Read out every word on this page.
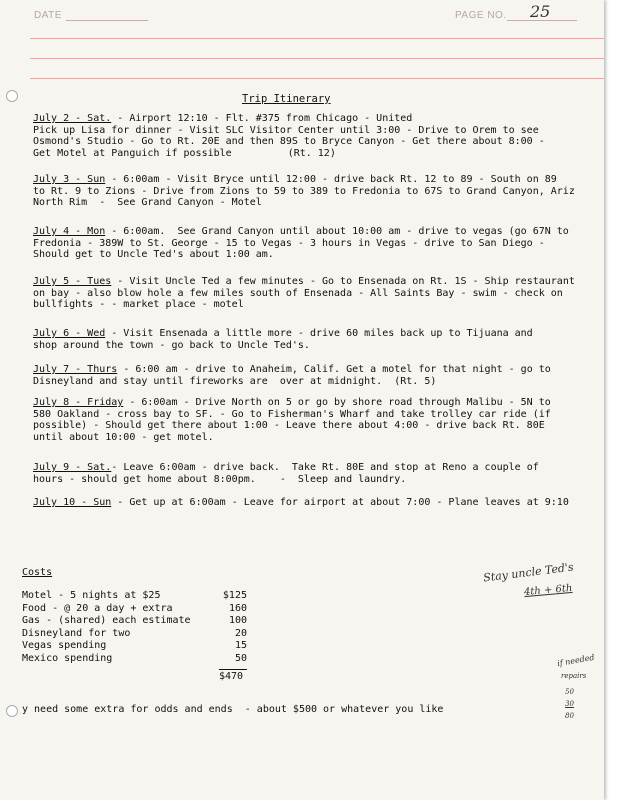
DATE	PAGE NO. 25
Trip Itinerary

July 2 - Sat. - Airport 12:10 - Flt. #375 from Chicago - United

Pick up Lisa for dinner - Visit SLC Visitor Center until 3:00 - Drive to Orem to see

Osmond's Studio - Go to Rt. 20E and then 89S to Bryce Canyon - Get there about 8:00 -

Get Motel at Panguich if possible	(Rt. 12)

July 3 - Sun - 6:00am - Visit Bryce until 12:00 - drive back Rt. 12 to 89 - South on 89

to Rt. 9 to Zions - Drive from Zions to 59 to 389 to Fredonia to 67S to Grand Canyon, Ariz

North Rim  -  See Grand Canyon - Motel

July 4 - Mon - 6:00am.  See Grand Canyon until about 10:00 am - drive to vegas (go 67N to

Fredonia - 389W to St. George - 15 to Vegas - 3 hours in Vegas - drive to San Diego -

Should get to Uncle Ted's about 1:00 am.

July 5 - Tues - Visit Uncle Ted a few minutes - Go to Ensenada on Rt. 1S - Ship restaurant

on bay - also blow hole a few miles south of Ensenada - All Saints Bay - swim - check on

bullfights - - market place - motel

July 6 - Wed - Visit Ensenada a little more - drive 60 miles back up to Tijuana and

shop around the town - go back to Uncle Ted's.

July 7 - Thurs - 6:00 am - drive to Anaheim, Calif. Get a motel for that night - go to

Disneyland and stay until fireworks are  over at midnight.  (Rt. 5)

July 8 - Friday - 6:00am - Drive North on 5 or go by shore road through Malibu - 5N to

580 Oakland - cross bay to SF. - Go to Fisherman's Wharf and take trolley car ride (if

possible) - Should get there about 1:00 - Leave there about 4:00 - drive back Rt. 80E

until about 10:00 - get motel.

July 9 - Sat.- Leave 6:00am - drive back.  Take Rt. 80E and stop at Reno a couple of

hours - should get home about 8:00pm.    -  Sleep and laundry.

July 10 - Sun - Get up at 6:00am - Leave for airport at about 7:00 - Plane leaves at 9:10

Costs
Motel - 5 nights at $25	$125
Food - @ 20 a day + extra	160
Gas - (shared) each estimate	100
Disneyland for two	20
Vegas spending	15
Mexico spending	50
$470
y need some extra for odds and ends  - about $500 or whatever you like
Stay uncle Ted's
4th + 6th
if needed
repairs
50
30
80
